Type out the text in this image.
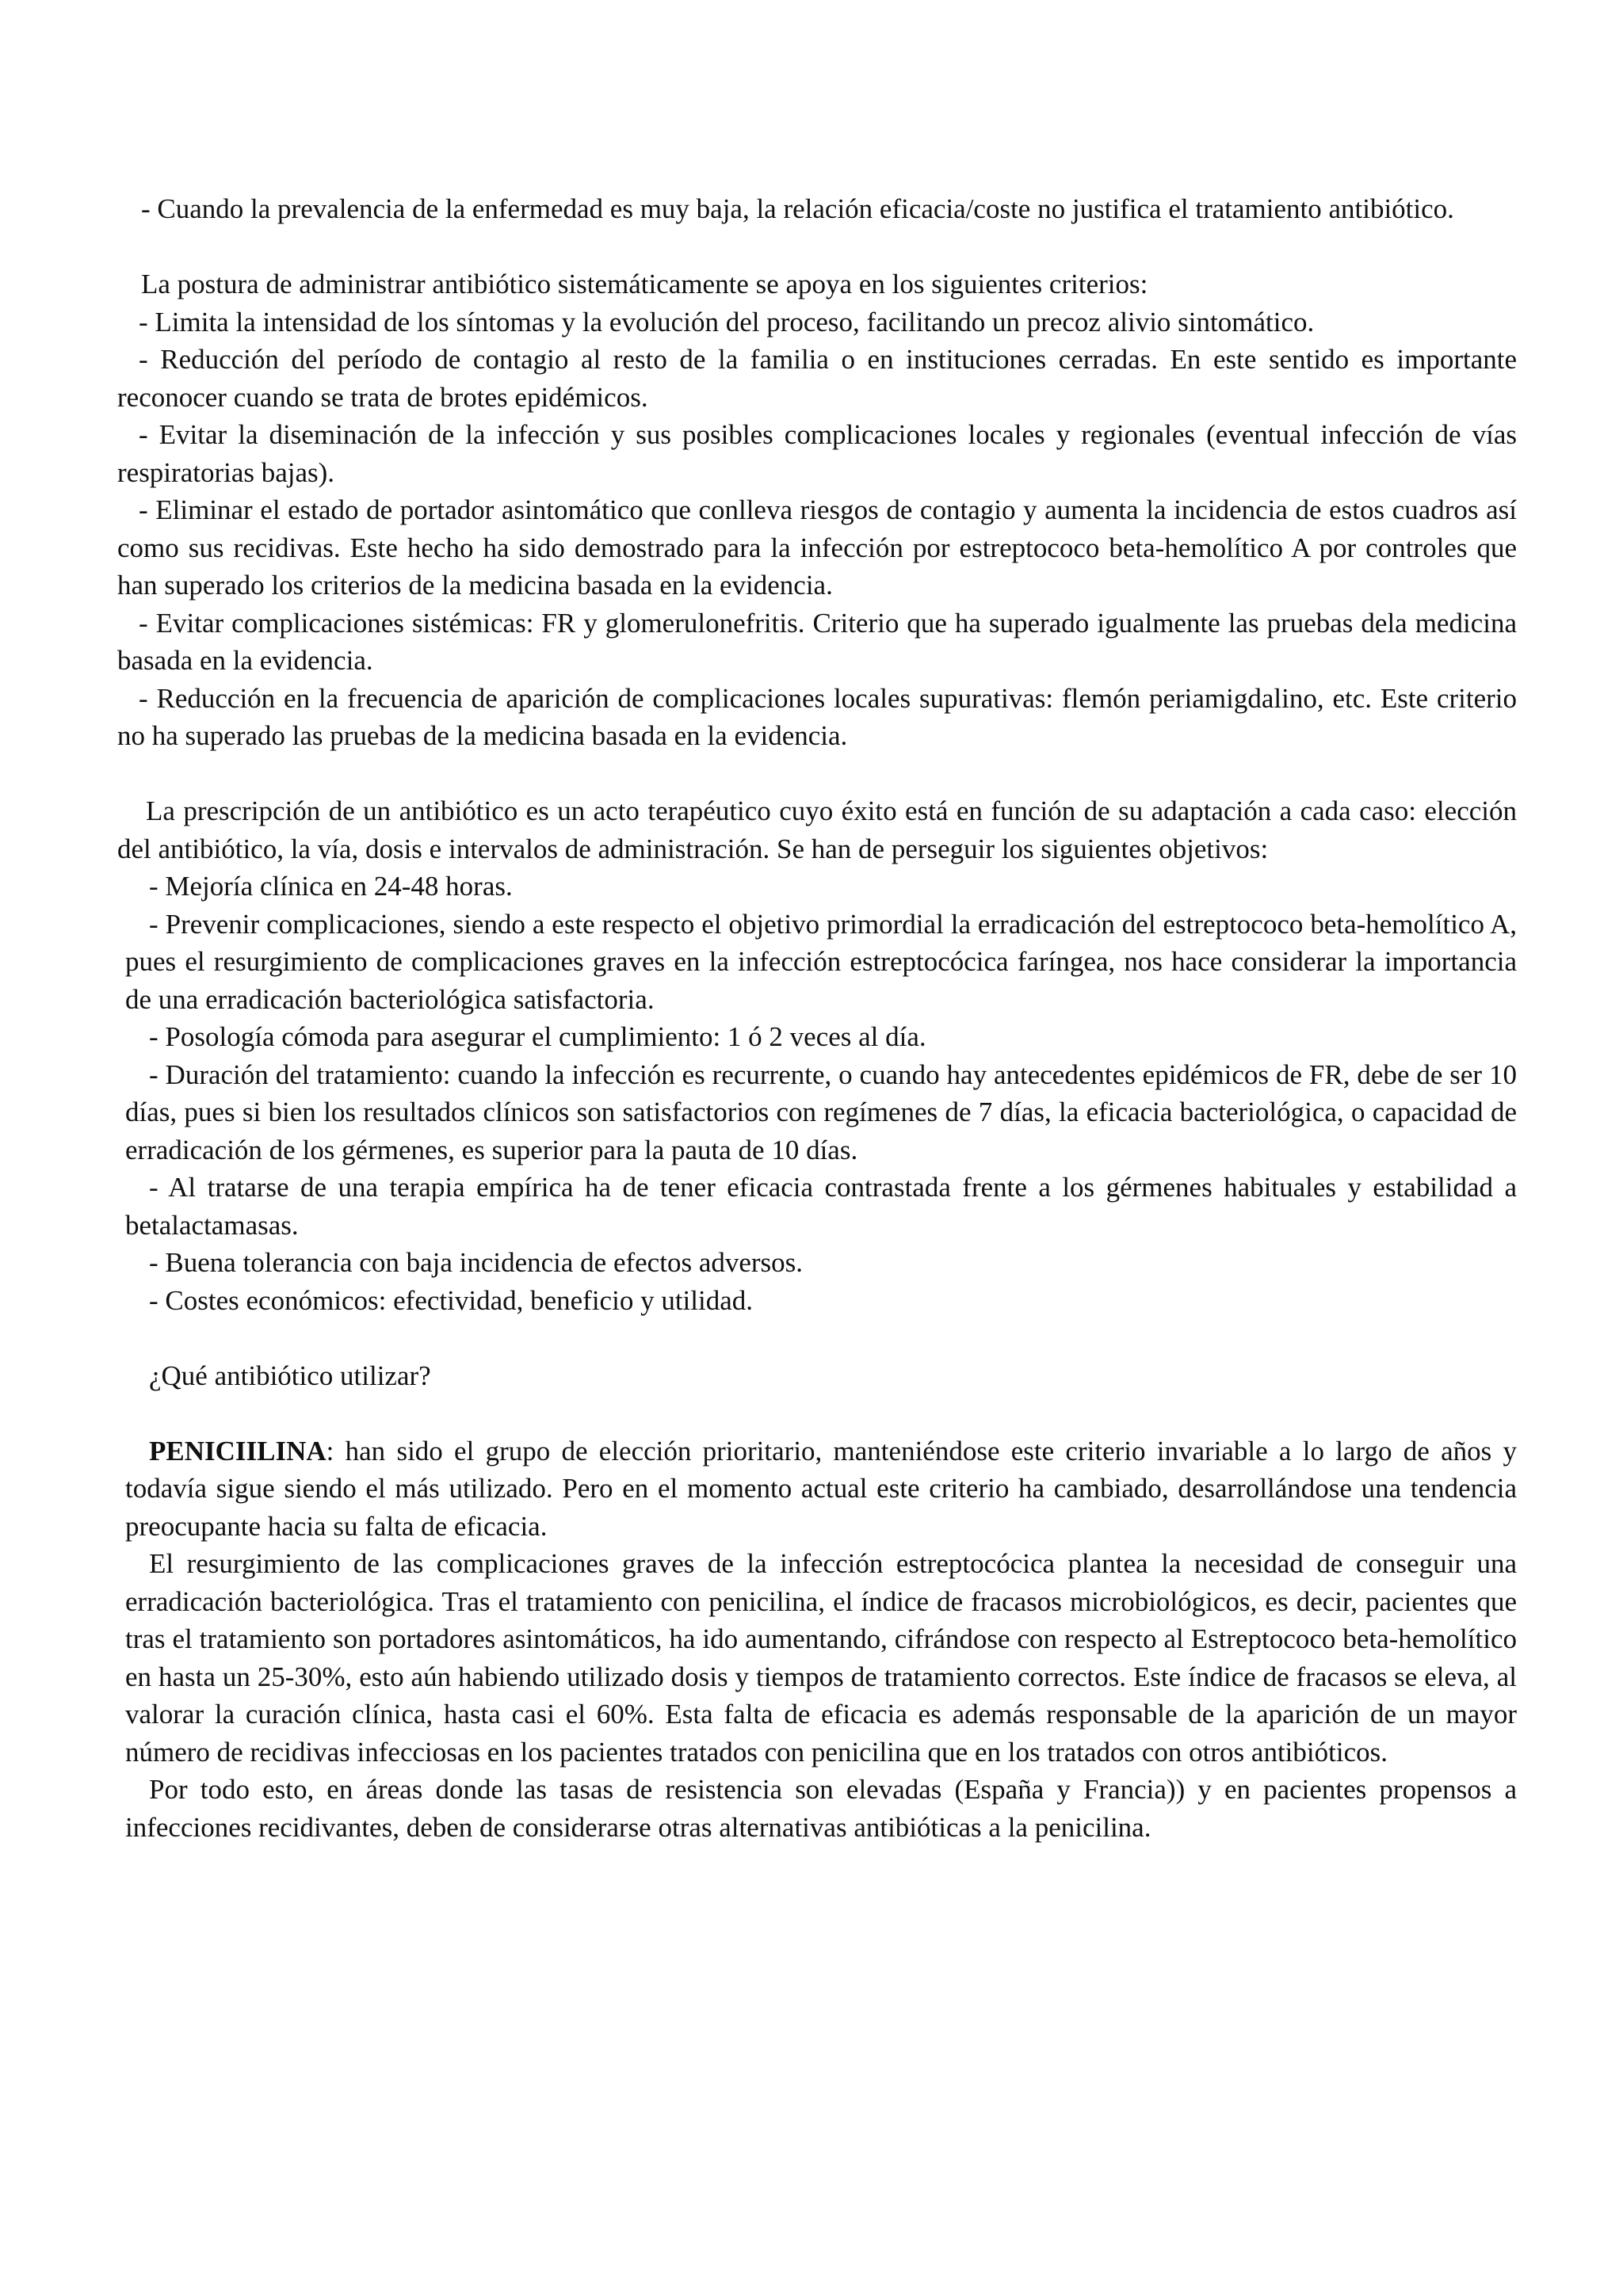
- Cuando la prevalencia de la enfermedad es muy baja, la relación eficacia/coste no justifica el tratamiento antibiótico.

La postura de administrar antibiótico sistemáticamente se apoya en los siguientes criterios:

- Limita la intensidad de los síntomas y la evolución del proceso, facilitando un precoz alivio sintomático.

- Reducción del período de contagio al resto de la familia o en instituciones cerradas. En este sentido es importante reconocer cuando se trata de brotes epidémicos.

- Evitar la diseminación de la infección y sus posibles complicaciones locales y regionales (eventual infección de vías respiratorias bajas).

- Eliminar el estado de portador asintomático que conlleva riesgos de contagio y aumenta la incidencia de estos cuadros así como sus recidivas. Este hecho ha sido demostrado para la infección por estreptococo beta-hemolítico A por controles que han superado los criterios de la medicina basada en la evidencia.

- Evitar complicaciones sistémicas: FR y glomerulonefritis. Criterio que ha superado igualmente las pruebas dela medicina basada en la evidencia.

- Reducción en la frecuencia de aparición de complicaciones locales supurativas: flemón periamigdalino, etc. Este criterio no ha superado las pruebas de la medicina basada en la evidencia.

La prescripción de un antibiótico es un acto terapéutico cuyo éxito está en función de su adaptación a cada caso: elección del antibiótico, la vía, dosis e intervalos de administración. Se han de perseguir los siguientes objetivos:

- Mejoría clínica en 24-48 horas.

- Prevenir complicaciones, siendo a este respecto el objetivo primordial la erradicación del estreptococo beta-hemolítico A, pues el resurgimiento de complicaciones graves en la infección estreptocócica faríngea, nos hace considerar la importancia de una erradicación bacteriológica satisfactoria.

- Posología cómoda para asegurar el cumplimiento: 1 ó 2 veces al día.

- Duración del tratamiento: cuando la infección es recurrente, o cuando hay antecedentes epidémicos de FR, debe de ser 10 días, pues si bien los resultados clínicos son satisfactorios con regímenes de 7 días, la eficacia bacteriológica, o capacidad de erradicación de los gérmenes, es superior para la pauta de 10 días.

- Al tratarse de una terapia empírica ha de tener eficacia contrastada frente a los gérmenes habituales y estabilidad a betalactamasas.

- Buena tolerancia con baja incidencia de efectos adversos.

- Costes económicos: efectividad, beneficio y utilidad.

¿Qué antibiótico utilizar?

PENICIILINA: han sido el grupo de elección prioritario, manteniéndose este criterio invariable a lo largo de años y todavía sigue siendo el más utilizado. Pero en el momento actual este criterio ha cambiado, desarrollándose una tendencia preocupante hacia su falta de eficacia.

El resurgimiento de las complicaciones graves de la infección estreptocócica plantea la necesidad de conseguir una erradicación bacteriológica. Tras el tratamiento con penicilina, el índice de fracasos microbiológicos, es decir, pacientes que tras el tratamiento son portadores asintomáticos, ha ido aumentando, cifrándose con respecto al Estreptococo beta-hemolítico en hasta un 25-30%, esto aún habiendo utilizado dosis y tiempos de tratamiento correctos. Este índice de fracasos se eleva, al valorar la curación clínica, hasta casi el 60%. Esta falta de eficacia es además responsable de la aparición de un mayor número de recidivas infecciosas en los pacientes tratados con penicilina que en los tratados con otros antibióticos.

Por todo esto, en áreas donde las tasas de resistencia son elevadas (España y Francia)) y en pacientes propensos a infecciones recidivantes, deben de considerarse otras alternativas antibióticas a la penicilina.
